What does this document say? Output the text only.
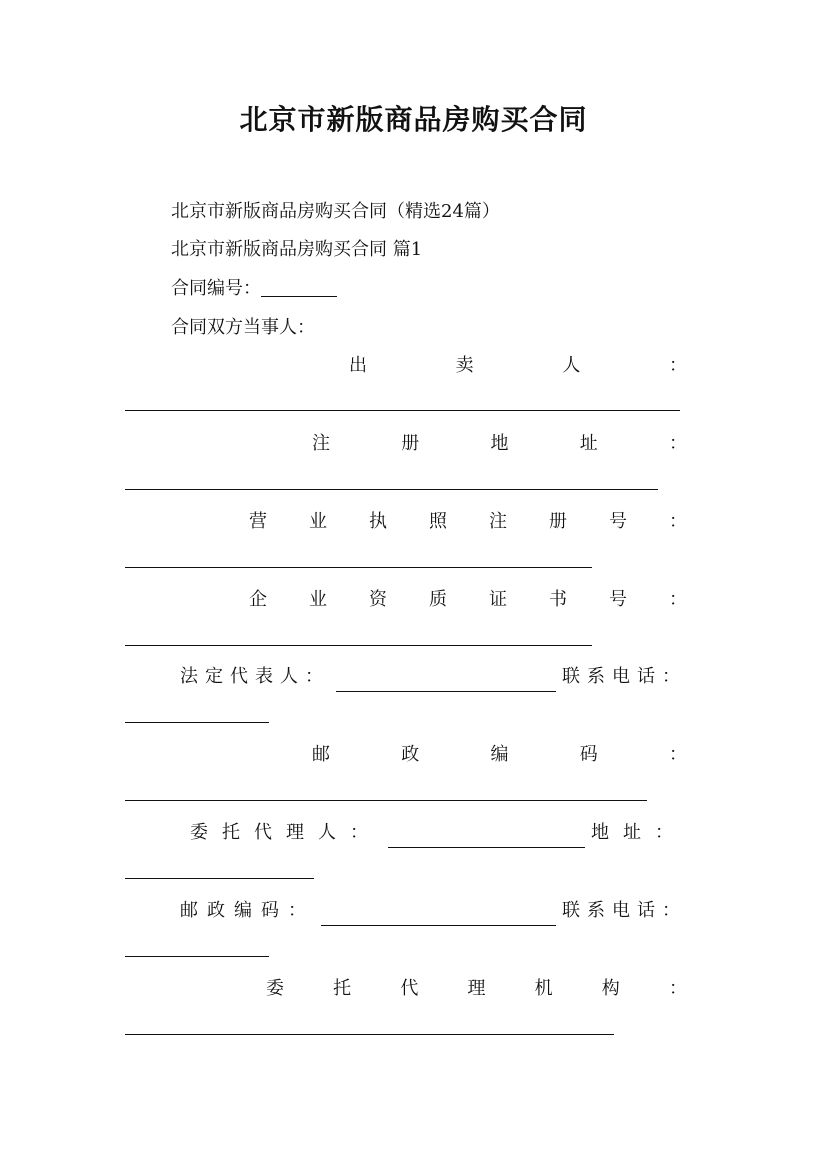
北京市新版商品房购买合同
北京市新版商品房购买合同（精选24篇）
北京市新版商品房购买合同 篇1
合同编号：
合同双方当事人：
出	卖	人	：
注	册	地	址	：
营 业 执 照 注 册 号 ：
企 业 资 质 证 书 号 ：
法定代表人：	联系电话：
邮	政	编	码	：
委托代理人：	地址：
邮政编码：	联系电话：
委	托	代	理	机	构	：
